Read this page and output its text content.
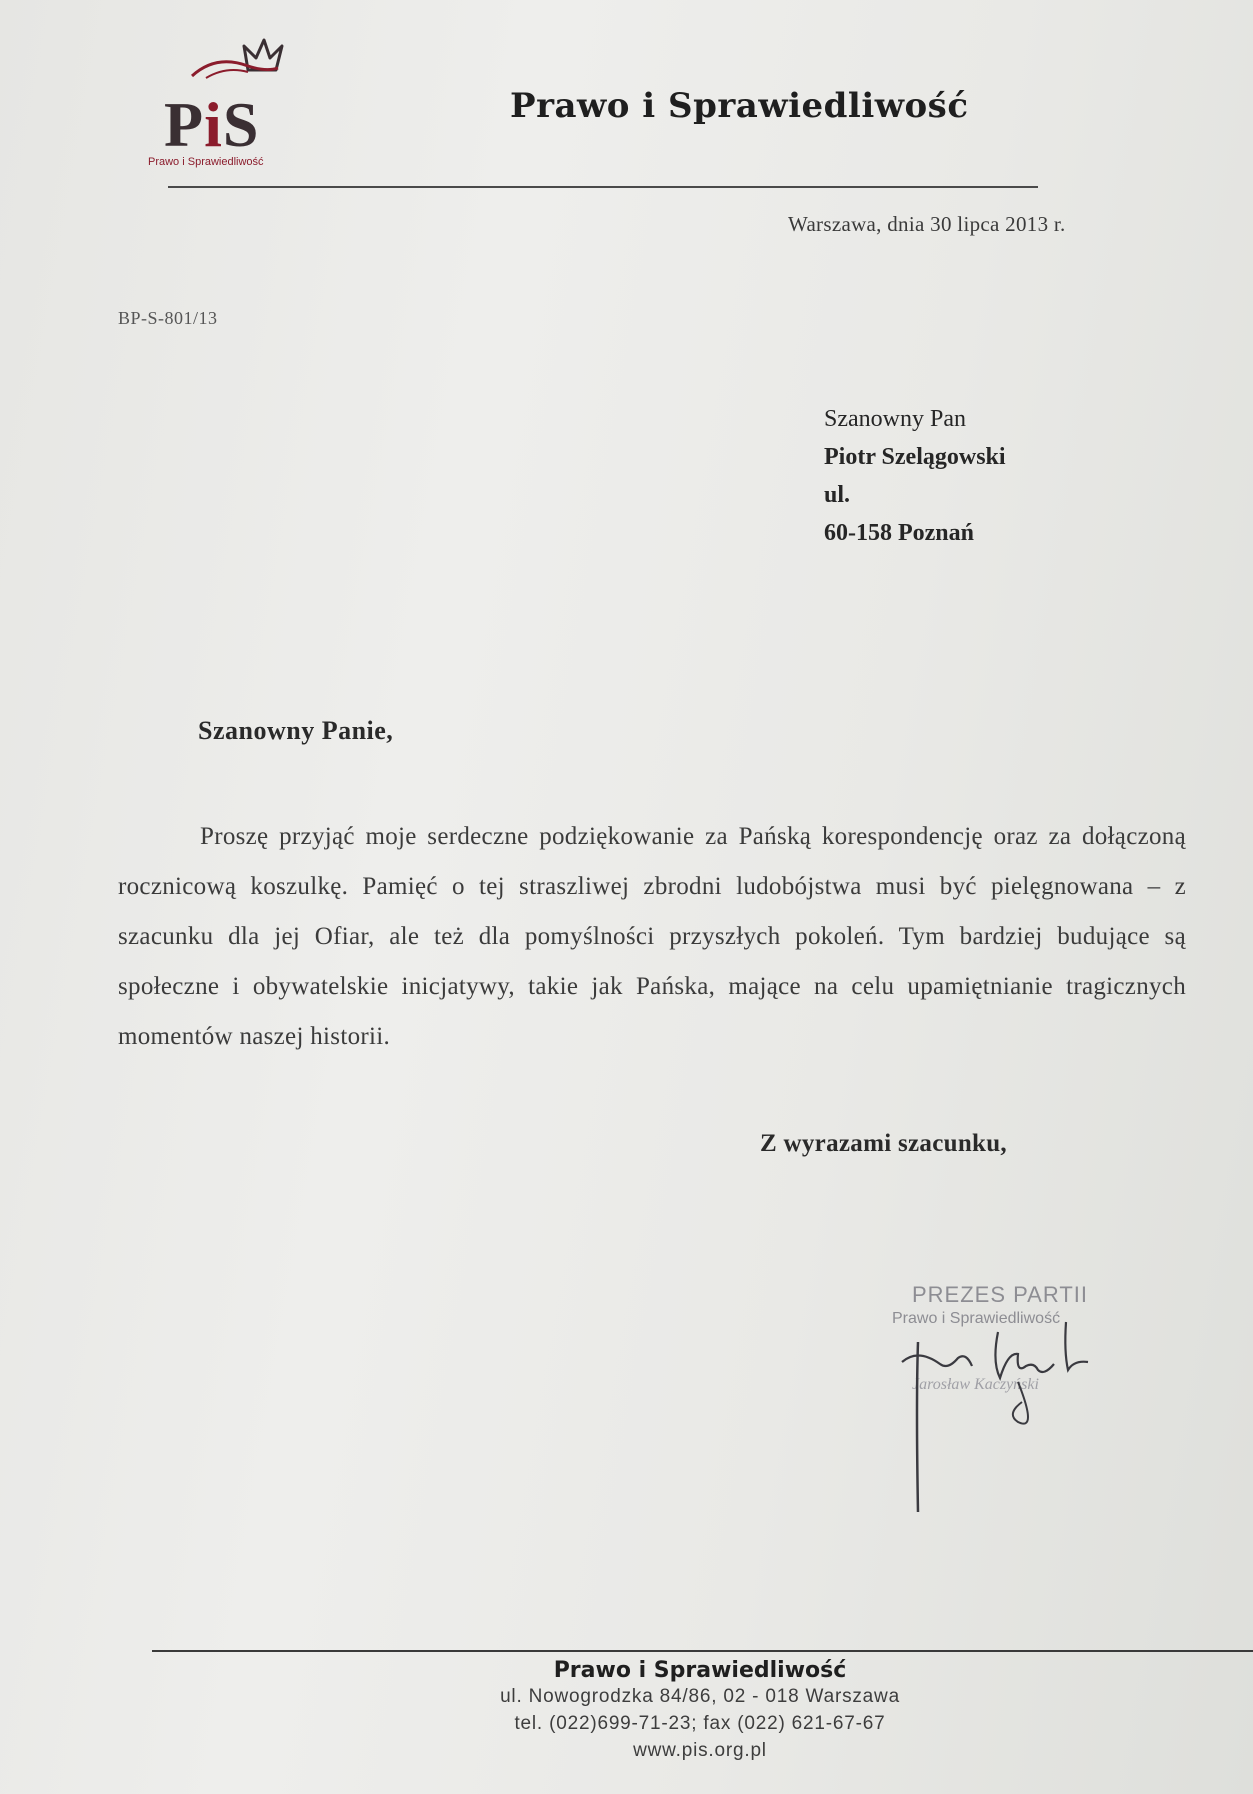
PiS
Prawo i Sprawiedliwość
Prawo i Sprawiedliwość
Warszawa, dnia 30 lipca 2013 r.
BP-S-801/13
Szanowny Pan
Piotr Szelągowski
ul.
60-158 Poznań
Szanowny Panie,
Proszę przyjąć moje serdeczne podziękowanie za Pańską korespondencję oraz za dołączoną rocznicową koszulkę. Pamięć o tej straszliwej zbrodni ludobójstwa musi być pielęgnowana – z szacunku dla jej Ofiar, ale też dla pomyślności przyszłych pokoleń. Tym bardziej budujące są społeczne i obywatelskie inicjatywy, takie jak Pańska, mające na celu upamiętnianie tragicznych momentów naszej historii.
Z wyrazami szacunku,
PREZES PARTII
Prawo i Sprawiedliwość
Jarosław Kaczyński
Prawo i Sprawiedliwość
ul. Nowogrodzka 84/86, 02 - 018 Warszawa
tel. (022)699-71-23; fax (022) 621-67-67
www.pis.org.pl
